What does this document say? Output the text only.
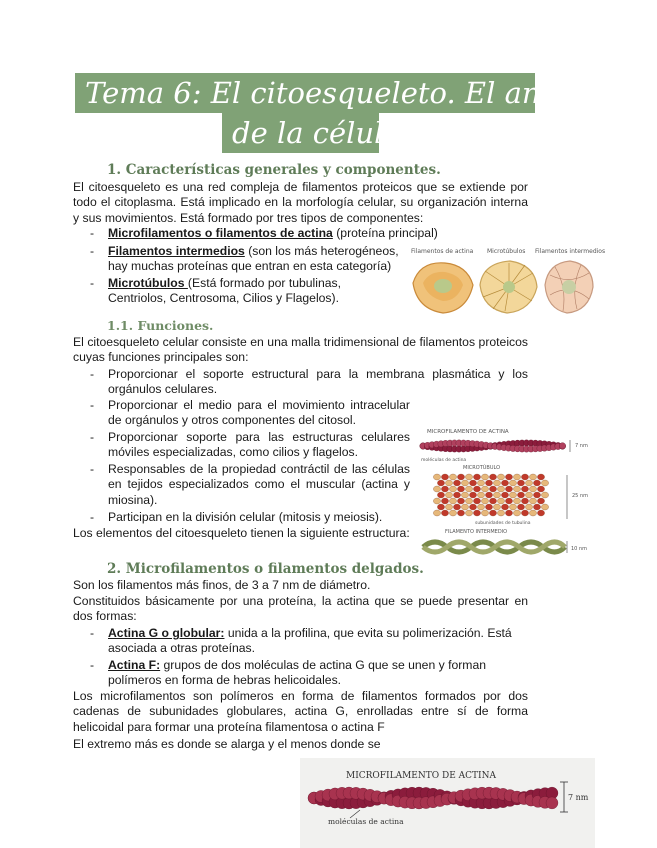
Tema 6: El citoesqueleto. El andamiaje
de la célula
1. Características generales y componentes.
El citoesqueleto es una red compleja de filamentos proteicos que se extiende por todo el citoplasma. Está implicado en la morfología celular, su organización interna y sus movimientos. Está formado por tres tipos de componentes:
- Microfilamentos o filamentos de actina (proteína principal)
- Filamentos intermedios (son los más heterogéneos, hay muchas proteínas que entran en esta categoría)
- Microtúbulos (Está formado por tubulinas, Centriolos, Centrosoma, Cilios y Flagelos).
Filamentos de actina Microtúbulos Filamentos intermedios
1.1. Funciones.
El citoesqueleto celular consiste en una malla tridimensional de filamentos proteicos cuyas funciones principales son:
- Proporcionar el soporte estructural para la membrana plasmática y los orgánulos celulares.
- Proporcionar el medio para el movimiento intracelular de orgánulos y otros componentes del citosol.
- Proporcionar soporte para las estructuras celulares móviles especializadas, como cilios y flagelos.
- Responsables de la propiedad contráctil de las células en tejidos especializados como el muscular (actina y miosina).
- Participan en la división celular (mitosis y meiosis).
Los elementos del citoesqueleto tienen la siguiente estructura:
MICROFILAMENTO DE ACTINA
moléculas de actina
7 nm
MICROTÚBULO
subunidades de tubulina
25 nm
FILAMENTO INTERMEDIO
10 nm
2. Microfilamentos o filamentos delgados.
Son los filamentos más finos, de 3 a 7 nm de diámetro.
Constituidos básicamente por una proteína, la actina que se puede presentar en dos formas:
- Actina G o globular: unida a la profilina, que evita su polimerización. Está asociada a otras proteínas.
- Actina F: grupos de dos moléculas de actina G que se unen y forman polímeros en forma de hebras helicoidales.
Los microfilamentos son polímeros en forma de filamentos formados por dos cadenas de subunidades globulares, actina G, enrolladas entre sí de forma helicoidal para formar una proteína filamentosa o actina F
El extremo más es donde se alarga y el menos donde se
MICROFILAMENTO DE ACTINA
7 nm
moléculas de actina
